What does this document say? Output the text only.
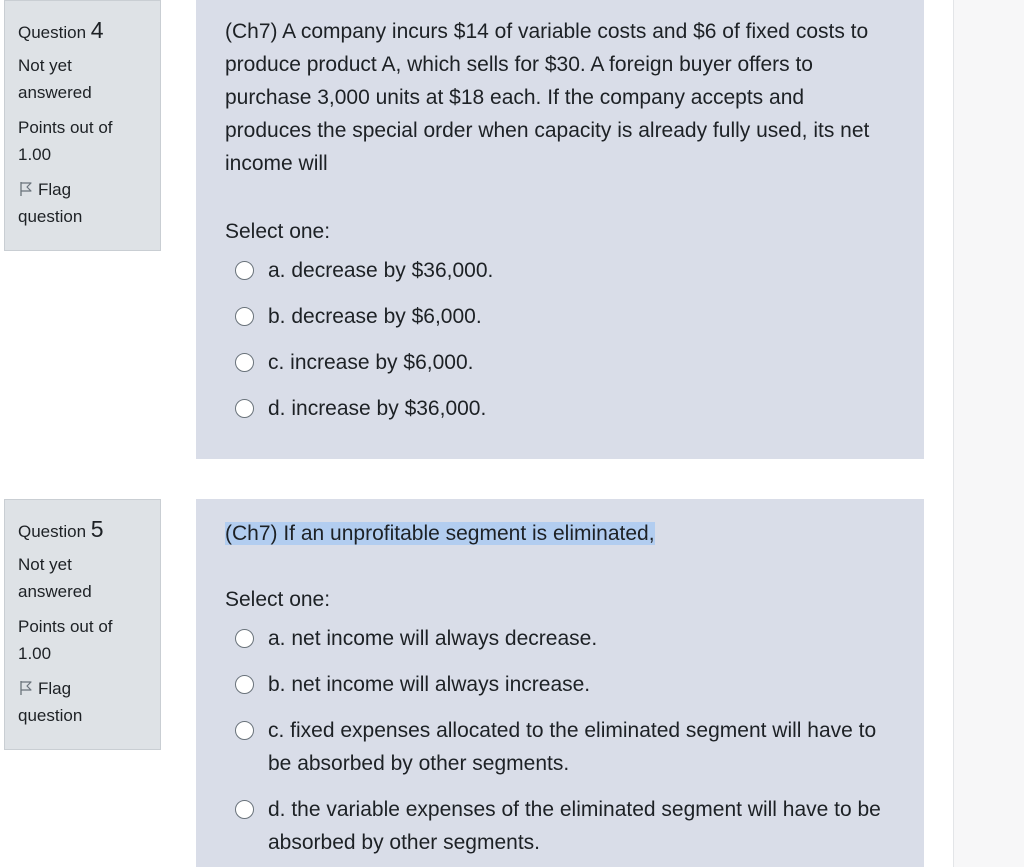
Question 4
Not yet
answered
Points out of
1.00
Flag
question
(Ch7) A company incurs $14 of variable costs and $6 of fixed costs to produce product A, which sells for $30. A foreign buyer offers to purchase 3,000 units at $18 each. If the company accepts and produces the special order when capacity is already fully used, its net income will
Select one:
a. decrease by $36,000.
b. decrease by $6,000.
c. increase by $6,000.
d. increase by $36,000.
Question 5
Not yet
answered
Points out of
1.00
Flag
question
(Ch7) If an unprofitable segment is eliminated,
Select one:
a. net income will always decrease.
b. net income will always increase.
c. fixed expenses allocated to the eliminated segment will have to be absorbed by other segments.
d. the variable expenses of the eliminated segment will have to be absorbed by other segments.
